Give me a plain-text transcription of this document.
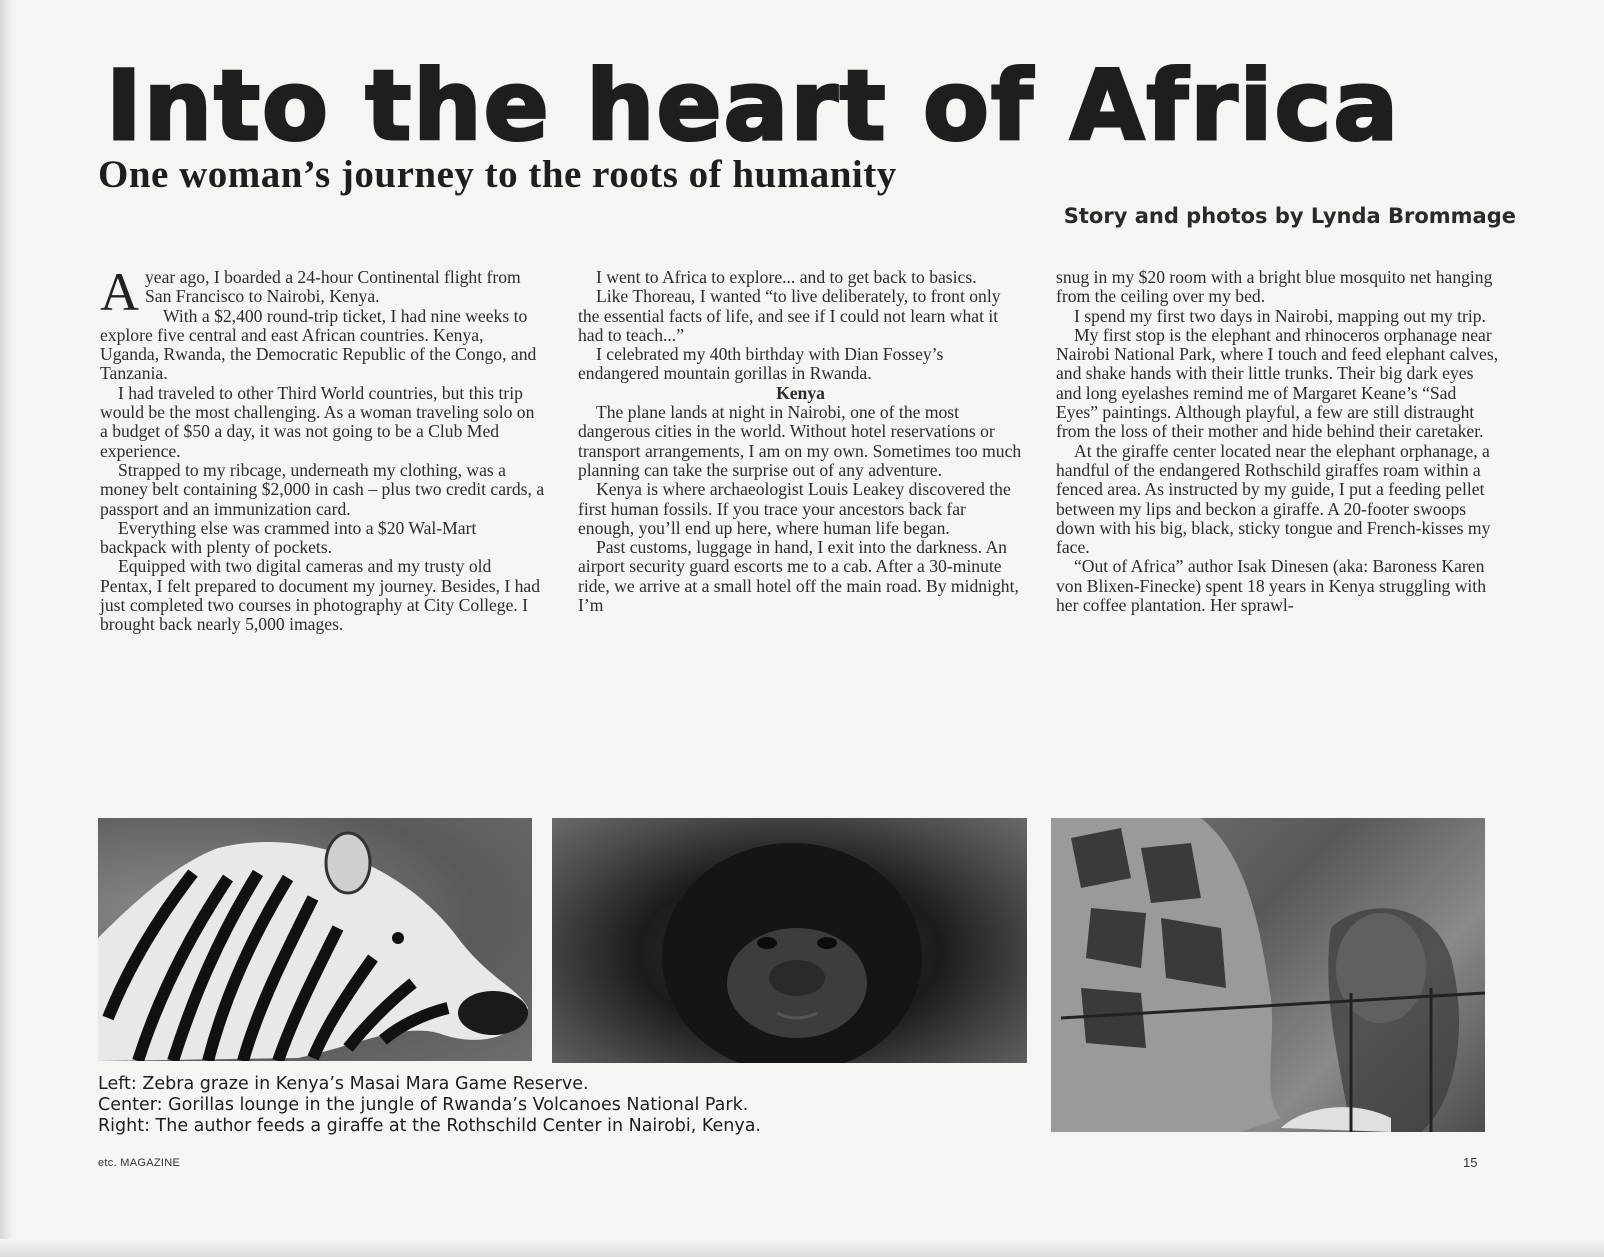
Into the heart of Africa
One woman’s journey to the roots of humanity
Story and photos by Lynda Brommage

Ayear ago, I boarded a 24-hour Continental flight from San Francisco to Nairobi, Kenya.

With a $2,400 round-trip ticket, I had nine weeks to explore five central and east African countries. Kenya, Uganda, Rwanda, the Democratic Republic of the Congo, and Tanzania.

I had traveled to other Third World countries, but this trip would be the most challenging. As a woman traveling solo on a budget of $50 a day, it was not going to be a Club Med experience.

Strapped to my ribcage, underneath my clothing, was a money belt containing $2,000 in cash – plus two credit cards, a passport and an immunization card.

Everything else was crammed into a $20 Wal-Mart backpack with plenty of pockets.

Equipped with two digital cameras and my trusty old Pentax, I felt prepared to document my journey. Besides, I had just completed two courses in photography at City College. I brought back nearly 5,000 images.

I went to Africa to explore... and to get back to basics.

Like Thoreau, I wanted “to live deliberately, to front only the essential facts of life, and see if I could not learn what it had to teach...”

I celebrated my 40th birthday with Dian Fossey’s endangered mountain gorillas in Rwanda.

Kenya

The plane lands at night in Nairobi, one of the most dangerous cities in the world. Without hotel reservations or transport arrangements, I am on my own. Sometimes too much planning can take the surprise out of any adventure.

Kenya is where archaeologist Louis Leakey discovered the first human fossils. If you trace your ancestors back far enough, you’ll end up here, where human life began.

Past customs, luggage in hand, I exit into the darkness. An airport security guard escorts me to a cab. After a 30-minute ride, we arrive at a small hotel off the main road. By midnight, I’m

snug in my $20 room with a bright blue mosquito net hanging from the ceiling over my bed.

I spend my first two days in Nairobi, mapping out my trip.

My first stop is the elephant and rhinoceros orphanage near Nairobi National Park, where I touch and feed elephant calves, and shake hands with their little trunks. Their big dark eyes and long eyelashes remind me of Margaret Keane’s “Sad Eyes” paintings. Although playful, a few are still distraught from the loss of their mother and hide behind their caretaker.

At the giraffe center located near the elephant orphanage, a handful of the endangered Rothschild giraffes roam within a fenced area. As instructed by my guide, I put a feeding pellet between my lips and beckon a giraffe. A 20-footer swoops down with his big, black, sticky tongue and French-kisses my face.

“Out of Africa” author Isak Dinesen (aka: Baroness Karen von Blixen-Finecke) spent 18 years in Kenya struggling with her coffee plantation. Her sprawl-

Left: Zebra graze in Kenya’s Masai Mara Game Reserve.
Center: Gorillas lounge in the jungle of Rwanda’s Volcanoes National Park.
Right: The author feeds a giraffe at the Rothschild Center in Nairobi, Kenya.
etc. MAGAZINE	15
